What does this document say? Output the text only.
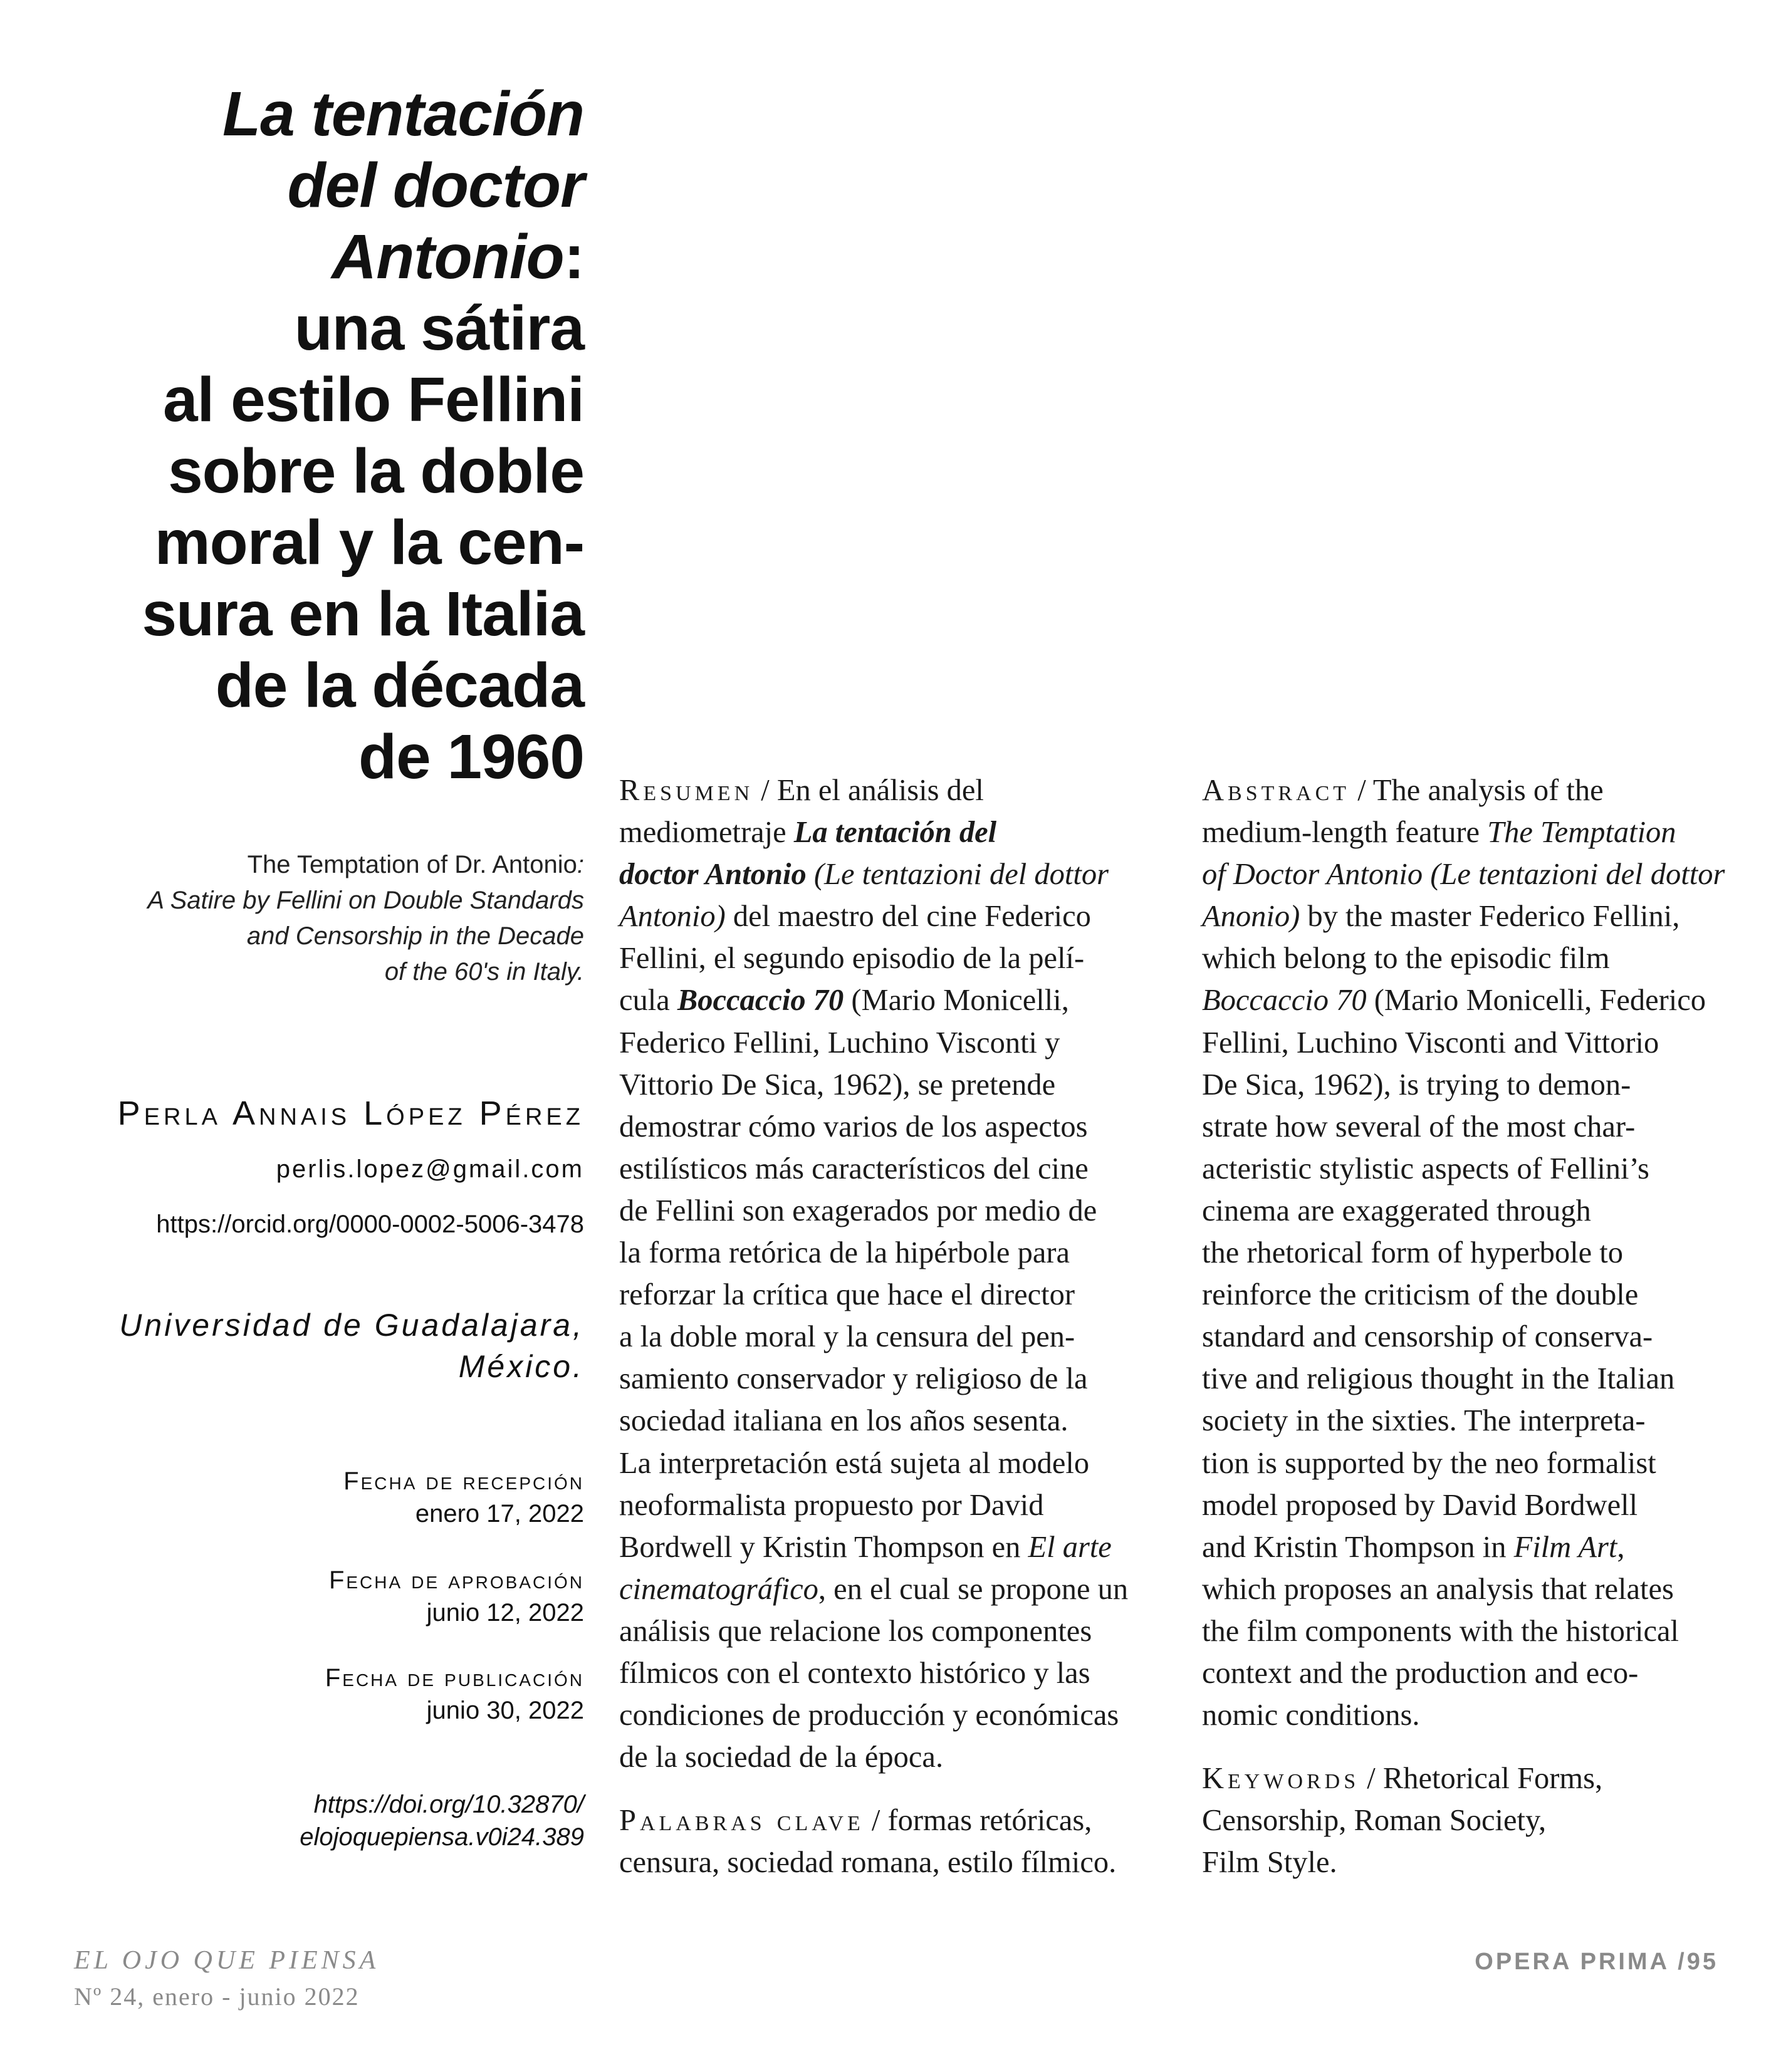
La tentación
del doctor
Antonio:
una sátira
al estilo Fellini
sobre la doble
moral y la cen-
sura en la Italia
de la década
de 1960
The Temptation of Dr. Antonio:
A Satire by Fellini on Double Standards
and Censorship in the Decade
of the 60's in Italy.
Perla Annais López Pérez
perlis.lopez@gmail.com
https://orcid.org/0000-0002-5006-3478
Universidad de Guadalajara,
México.
Fecha de recepción
enero 17, 2022
Fecha de aprobación
junio 12, 2022
Fecha de publicación
junio 30, 2022
https://doi.org/10.32870/
elojoquepiensa.v0i24.389
Resumen / En el análisis del
mediometraje La tentación del
doctor Antonio (Le tentazioni del dottor
Antonio) del maestro del cine Federico
Fellini, el segundo episodio de la pelí-
cula Boccaccio 70 (Mario Monicelli,
Federico Fellini, Luchino Visconti y
Vittorio De Sica, 1962), se pretende
demostrar cómo varios de los aspectos
estilísticos más característicos del cine
de Fellini son exagerados por medio de
la forma retórica de la hipérbole para
reforzar la crítica que hace el director
a la doble moral y la censura del pen-
samiento conservador y religioso de la
sociedad italiana en los años sesenta.
La interpretación está sujeta al modelo
neoformalista propuesto por David
Bordwell y Kristin Thompson en El arte
cinematográfico, en el cual se propone un
análisis que relacione los componentes
fílmicos con el contexto histórico y las
condiciones de producción y económicas
de la sociedad de la época.
Palabras clave / formas retóricas,
censura, sociedad romana, estilo fílmico.
Abstract / The analysis of the
medium-length feature The Temptation
of Doctor Antonio (Le tentazioni del dottor
Anonio) by the master Federico Fellini,
which belong to the episodic film
Boccaccio 70 (Mario Monicelli, Federico
Fellini, Luchino Visconti and Vittorio
De Sica, 1962), is trying to demon-
strate how several of the most char-
acteristic stylistic aspects of Fellini’s
cinema are exaggerated through
the rhetorical form of hyperbole to
reinforce the criticism of the double
standard and censorship of conserva-
tive and religious thought in the Italian
society in the sixties. The interpreta-
tion is supported by the neo formalist
model proposed by David Bordwell
and Kristin Thompson in Film Art,
which proposes an analysis that relates
the film components with the historical
context and the production and eco-
nomic conditions.
Keywords / Rhetorical Forms,
Censorship, Roman Society,
Film Style.
EL OJO QUE PIENSA
Nº 24, enero - junio 2022
OPERA PRIMA /95
